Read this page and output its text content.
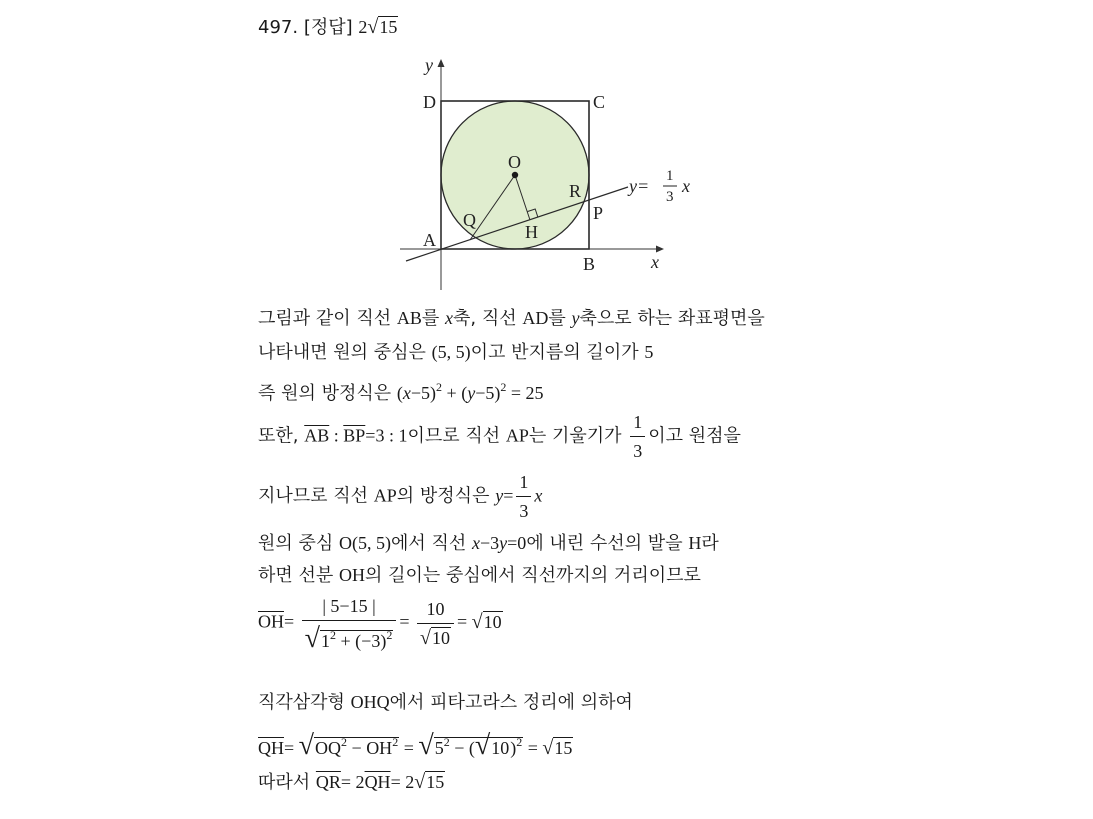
497. [정답] 2√15
y
x
D	C
O
R
P
Q
H
A
B
y= 1
3
x
그림과 같이 직선 AB를 x축, 직선 AD를 y축으로 하는 좌표평면을
나타내면 원의 중심은 (5, 5)이고 반지름의 길이가 5
즉 원의 방정식은 $(x-5)^2 + (y-5)^2 = 25$
또한, $\overline{AB}$ : $\overline{BP}=3$ : 1이므로 직선 AP는 기울기가 $\frac{1}{3}$ 이고 원점을
지나므로 직선 AP의 방정식은 $y= \frac{1}{3}$ x
원의 중심 O(5, 5)에서 직선 x−3y=0에 내린 수선의 발을 H라
하면 선분 OH의 길이는 중심에서 직선까지의 거리이므로
$\overline{OH}= \frac{| 5-15 |}{√1^2 + (-3)^2} = \frac{10}{√10} = √10$
직각삼각형 OHQ에서 피타고라스 정리에 의하여
$\overline{QH}= √OQ^2 - \overline{OH}^2 = √5^2 - (√10)^2 = √15$
따라서 $\overline{QR}= 2\overline{QH}= 2√15$
